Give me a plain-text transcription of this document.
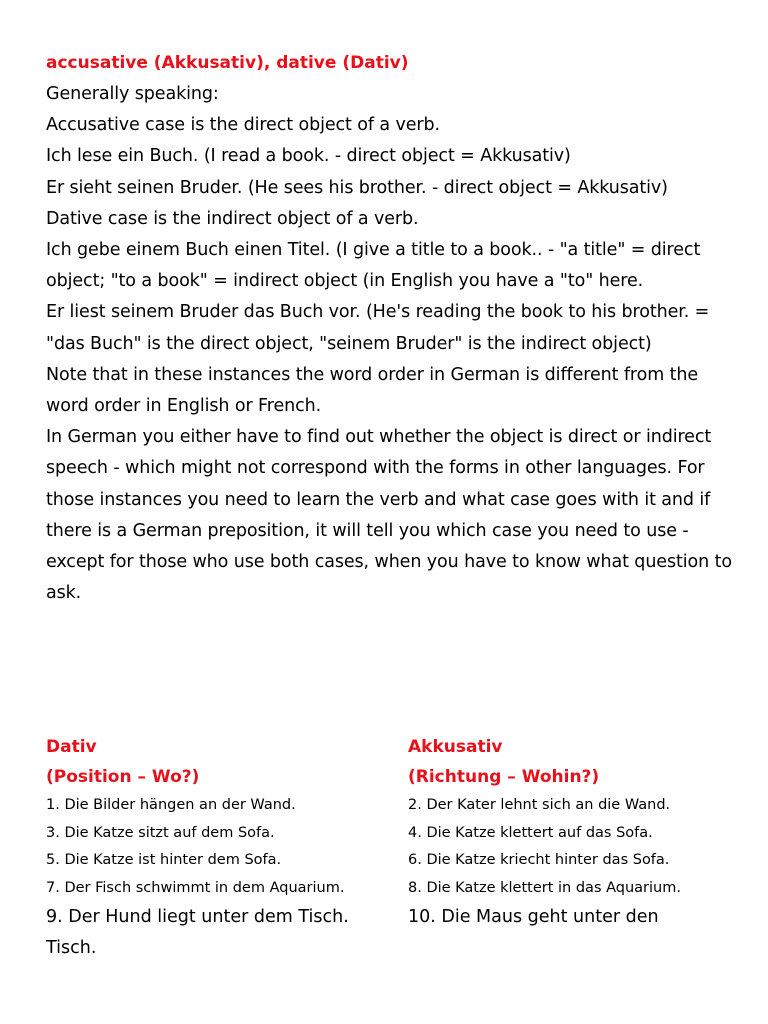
accusative (Akkusativ), dative (Dativ)

Generally speaking:

Accusative case is the direct object of a verb.

Ich lese ein Buch. (I read a book. - direct object = Akkusativ)

Er sieht seinen Bruder. (He sees his brother. - direct object = Akkusativ)

Dative case is the indirect object of a verb.

Ich gebe einem Buch einen Titel. (I give a title to a book.. - "a title" = direct object; "to a book" = indirect object (in English you have a "to" here.

Er liest seinem Bruder das Buch vor. (He's reading the book to his brother. = "das Buch" is the direct object, "seinem Bruder" is the indirect object)

Note that in these instances the word order in German is different from the word order in English or French.

In German you either have to find out whether the object is direct or indirect speech - which might not correspond with the forms in other languages. For those instances you need to learn the verb and what case goes with it and if there is a German preposition, it will tell you which case you need to use - except for those who use both cases, when you have to know what question to ask.

Dativ
(Position – Wo?)
1. Die Bilder hängen an der Wand.
3. Die Katze sitzt auf dem Sofa.
5. Die Katze ist hinter dem Sofa.
7. Der Fisch schwimmt in dem Aquarium.
9. Der Hund liegt unter dem Tisch.
Tisch.
Akkusativ
(Richtung – Wohin?)
2. Der Kater lehnt sich an die Wand.
4. Die Katze klettert auf das Sofa.
6. Die Katze kriecht hinter das Sofa.
8. Die Katze klettert in das Aquarium.
10. Die Maus geht unter den
